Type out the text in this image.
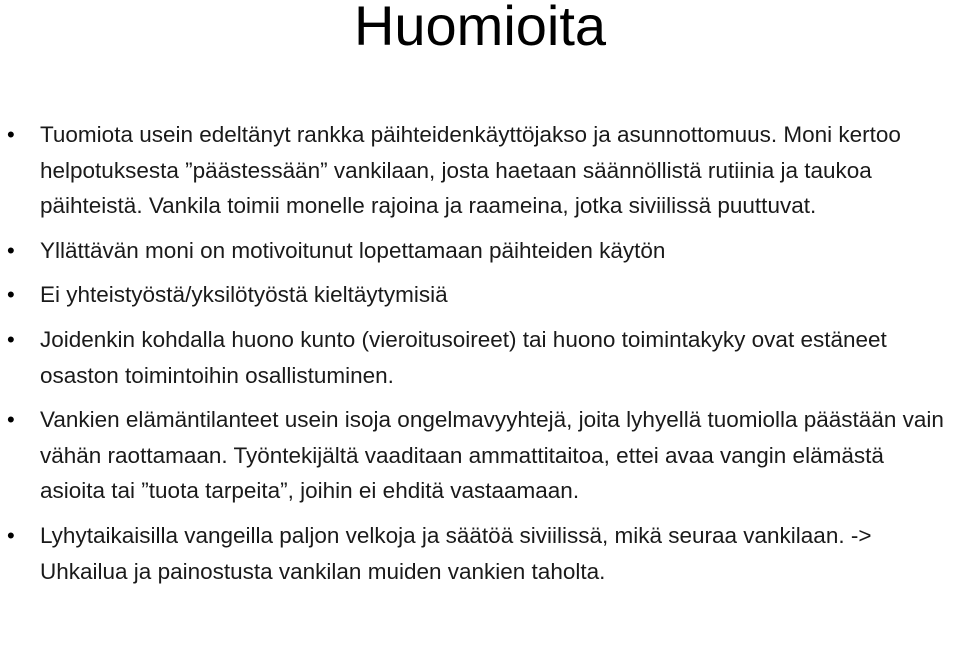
Huomioita
• Tuomiota usein edeltänyt rankka päihteidenkäyttöjakso ja asunnottomuus. Moni kertoo helpotuksesta ”päästessään” vankilaan, josta haetaan säännöllistä rutiinia ja taukoa päihteistä. Vankila toimii monelle rajoina ja raameina, jotka siviilissä puuttuvat.
• Yllättävän moni on motivoitunut lopettamaan päihteiden käytön
• Ei yhteistyöstä/yksilötyöstä kieltäytymisiä
• Joidenkin kohdalla huono kunto (vieroitusoireet) tai huono toimintakyky ovat estäneet osaston toimintoihin osallistuminen.
• Vankien elämäntilanteet usein isoja ongelmavyyhtejä, joita lyhyellä tuomiolla päästään vain vähän raottamaan. Työntekijältä vaaditaan ammattitaitoa, ettei avaa vangin elämästä asioita tai ”tuota tarpeita”, joihin ei ehditä vastaamaan.
• Lyhytaikaisilla vangeilla paljon velkoja ja säätöä siviilissä, mikä seuraa vankilaan. -> Uhkailua ja painostusta vankilan muiden vankien taholta.
